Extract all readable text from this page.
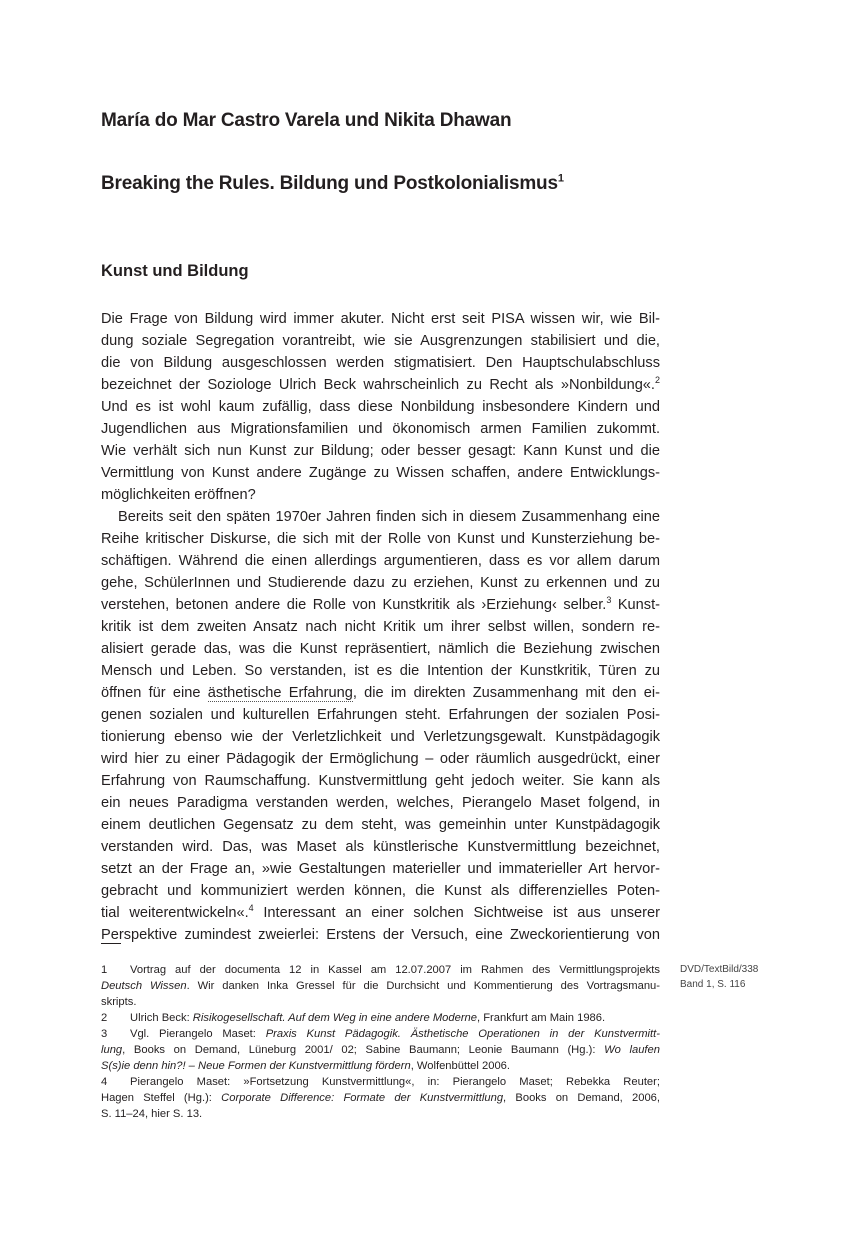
María do Mar Castro Varela und Nikita Dhawan
Breaking the Rules. Bildung und Postkolonialismus$^1$
Kunst und Bildung
Die Frage von Bildung wird immer akuter. Nicht erst seit PISA wissen wir, wie Bil-
dung soziale Segregation vorantreibt, wie sie Ausgrenzungen stabilisiert und die,
die von Bildung ausgeschlossen werden stigmatisiert. Den Hauptschulabschluss
bezeichnet der Soziologe Ulrich Beck wahrscheinlich zu Recht als »Nonbildung«.$^2$
Und es ist wohl kaum zufällig, dass diese Nonbildung insbesondere Kindern und
Jugendlichen aus Migrationsfamilien und ökonomisch armen Familien zukommt.
Wie verhält sich nun Kunst zur Bildung; oder besser gesagt: Kann Kunst und die
Vermittlung von Kunst andere Zugänge zu Wissen schaffen, andere Entwicklungs-
möglichkeiten eröffnen?
Bereits seit den späten 1970er Jahren finden sich in diesem Zusammenhang eine
Reihe kritischer Diskurse, die sich mit der Rolle von Kunst und Kunsterziehung be-
schäftigen. Während die einen allerdings argumentieren, dass es vor allem darum
gehe, SchülerInnen und Studierende dazu zu erziehen, Kunst zu erkennen und zu
verstehen, betonen andere die Rolle von Kunstkritik als ›Erziehung‹ selber.$^3$ Kunst-
kritik ist dem zweiten Ansatz nach nicht Kritik um ihrer selbst willen, sondern re-
alisiert gerade das, was die Kunst repräsentiert, nämlich die Beziehung zwischen
Mensch und Leben. So verstanden, ist es die Intention der Kunstkritik, Türen zu
öffnen für eine ästhetische Erfahrung, die im direkten Zusammenhang mit den ei-
genen sozialen und kulturellen Erfahrungen steht. Erfahrungen der sozialen Posi-
tionierung ebenso wie der Verletzlichkeit und Verletzungsgewalt. Kunstpädagogik
wird hier zu einer Pädagogik der Ermöglichung – oder räumlich ausgedrückt, einer
Erfahrung von Raumschaffung. Kunstvermittlung geht jedoch weiter. Sie kann als
ein neues Paradigma verstanden werden, welches, Pierangelo Maset folgend, in
einem deutlichen Gegensatz zu dem steht, was gemeinhin unter Kunstpädagogik
verstanden wird. Das, was Maset als künstlerische Kunstvermittlung bezeichnet,
setzt an der Frage an, »wie Gestaltungen materieller und immaterieller Art hervor-
gebracht und kommuniziert werden können, die Kunst als differenzielles Poten-
tial weiterentwickeln«.$^4$ Interessant an einer solchen Sichtweise ist aus unserer
Perspektive zumindest zweierlei: Erstens der Versuch, eine Zweckorientierung von
1 Vortrag auf der documenta 12 in Kassel am 12.07.2007 im Rahmen des Vermittlungsprojekts
Deutsch Wissen. Wir danken Inka Gressel für die Durchsicht und Kommentierung des Vortragsmanu-
skripts.
2 Ulrich Beck: Risikogesellschaft. Auf dem Weg in eine andere Moderne, Frankfurt am Main 1986.
3 Vgl. Pierangelo Maset: Praxis Kunst Pädagogik. Ästhetische Operationen in der Kunstvermitt-
lung, Books on Demand, Lüneburg 2001/ 02; Sabine Baumann; Leonie Baumann (Hg.): Wo laufen
S(s)ie denn hin?! – Neue Formen der Kunstvermittlung fördern, Wolfenbüttel 2006.
4 Pierangelo Maset: »Fortsetzung Kunstvermittlung«, in: Pierangelo Maset; Rebekka Reuter;
Hagen Steffel (Hg.): Corporate Difference: Formate der Kunstvermittlung, Books on Demand, 2006,
S. 11–24, hier S. 13.
DVD/TextBild/338
Band 1, S. 116
